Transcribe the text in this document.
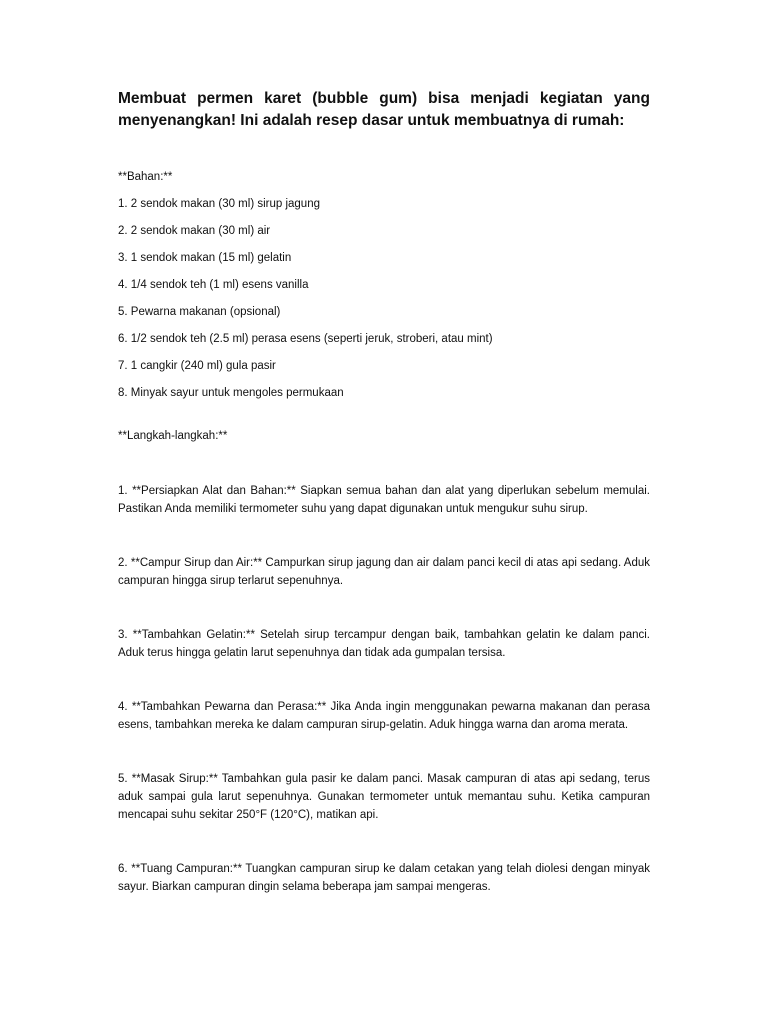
Membuat permen karet (bubble gum) bisa menjadi kegiatan yang menyenangkan! Ini adalah resep dasar untuk membuatnya di rumah:

**Bahan:**

1. 2 sendok makan (30 ml) sirup jagung
2. 2 sendok makan (30 ml) air
3. 1 sendok makan (15 ml) gelatin
4. 1/4 sendok teh (1 ml) esens vanilla
5. Pewarna makanan (opsional)
6. 1/2 sendok teh (2.5 ml) perasa esens (seperti jeruk, stroberi, atau mint)
7. 1 cangkir (240 ml) gula pasir
8. Minyak sayur untuk mengoles permukaan

**Langkah-langkah:**

1. **Persiapkan Alat dan Bahan:** Siapkan semua bahan dan alat yang diperlukan sebelum memulai. Pastikan Anda memiliki termometer suhu yang dapat digunakan untuk mengukur suhu sirup.
2. **Campur Sirup dan Air:** Campurkan sirup jagung dan air dalam panci kecil di atas api sedang. Aduk campuran hingga sirup terlarut sepenuhnya.
3. **Tambahkan Gelatin:** Setelah sirup tercampur dengan baik, tambahkan gelatin ke dalam panci. Aduk terus hingga gelatin larut sepenuhnya dan tidak ada gumpalan tersisa.
4. **Tambahkan Pewarna dan Perasa:** Jika Anda ingin menggunakan pewarna makanan dan perasa esens, tambahkan mereka ke dalam campuran sirup-gelatin. Aduk hingga warna dan aroma merata.
5. **Masak Sirup:** Tambahkan gula pasir ke dalam panci. Masak campuran di atas api sedang, terus aduk sampai gula larut sepenuhnya. Gunakan termometer untuk memantau suhu. Ketika campuran mencapai suhu sekitar 250°F (120°C), matikan api.
6. **Tuang Campuran:** Tuangkan campuran sirup ke dalam cetakan yang telah diolesi dengan minyak sayur. Biarkan campuran dingin selama beberapa jam sampai mengeras.
